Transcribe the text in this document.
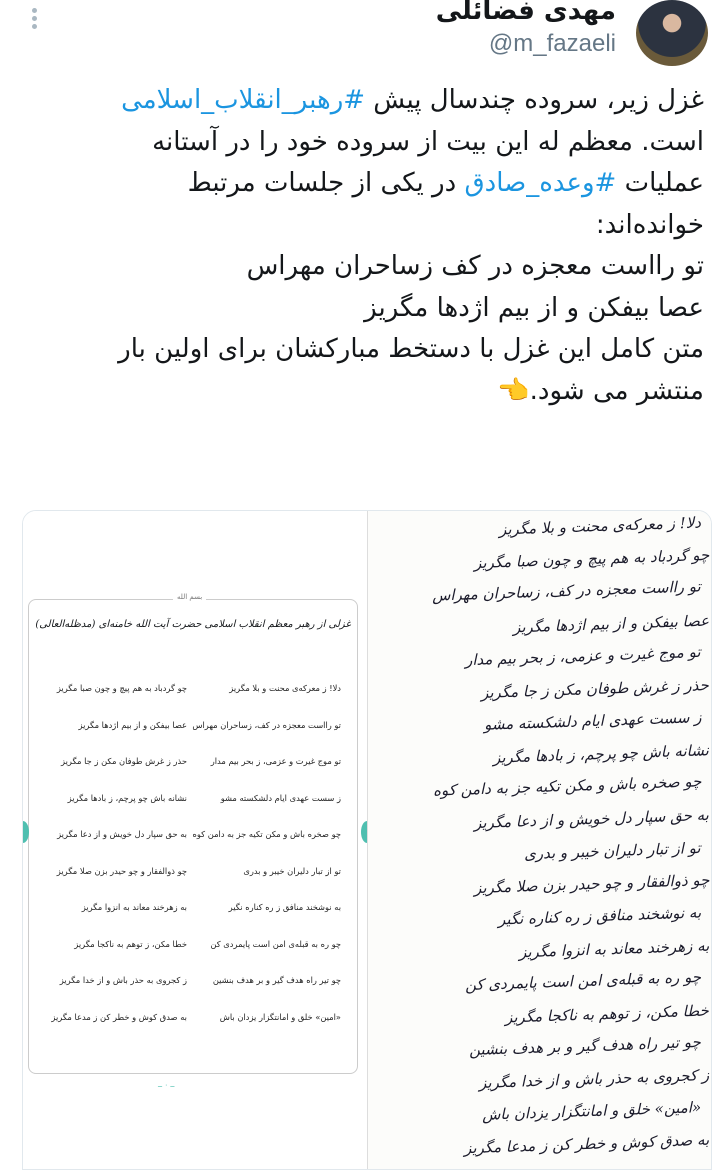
مهدی فضائلی
@m_fazaeli
غزل زیر، سروده چندسال پیش #رهبر_انقلاب_اسلامی
است. معظم له این بیت از سروده خود را در آستانه
عملیات #وعده_صادق در یکی از جلسات مرتبط
خوانده‌اند:
تو رااست معجزه در کف زساحران مهراس
عصا بیفکن و از بیم اژدها مگریز
متن کامل این غزل با دستخط مبارکشان برای اولین بار
منتشر می شود.👈
بسم الله
غزلی از رهبر معظم انقلاب اسلامی حضرت آیت الله خامنه‌ای (مدظله‌العالی)
دلا! ز معرکه‌ی محنت و بلا مگریز
چو گردباد به هم پیچ و چون صبا مگریز
تو رااست معجزه در کف، زساحران مهراس
عصا بیفکن و از بیم اژدها مگریز
تو موج غیرت و عزمی، ز بحر بیم مدار
حذر ز غرش طوفان مکن ز جا مگریز
ز سست عهدی ایام دلشکسته مشو
نشانه باش چو پرچم، ز بادها مگریز
چو صخره باش و مکن تکیه جز به دامن کوه
به حق سپار دل خویش و از دعا مگریز
تو از تبار دلیران خیبر و بدری
چو ذوالفقار و چو حیدر بزن صلا مگریز
به نوشخند منافق ز ره کناره نگیر
به زهرخند معاند به انزوا مگریز
چو ره به قبله‌ی امن است پایمردی کن
خطا مکن، ز توهم به ناکجا مگریز
چو تیر راه هدف گیر و بر هدف بنشین
ز کجروی به حذر باش و از خدا مگریز
«امین» خلق و امانتگزار یزدان باش
به صدق کوش و خطر کن ز مدعا مگریز
ــ ۰ ــ
دلا! ز معرکه‌ی محنت و بلا مگریز
چو گردباد به هم پیچ و چون صبا مگریز
تو رااست معجزه در کف، زساحران مهراس
عصا بیفکن و از بیم اژدها مگریز
تو موج غیرت و عزمی، ز بحر بیم مدار
حذر ز غرش طوفان مکن ز جا مگریز
ز سست عهدی ایام دلشکسته مشو
نشانه باش چو پرچم، ز بادها مگریز
چو صخره باش و مکن تکیه جز به دامن کوه
به حق سپار دل خویش و از دعا مگریز
تو از تبار دلیران خیبر و بدری
چو ذوالفقار و چو حیدر بزن صلا مگریز
به نوشخند منافق ز ره کناره نگیر
به زهرخند معاند به انزوا مگریز
چو ره به قبله‌ی امن است پایمردی کن
خطا مکن، ز توهم به ناکجا مگریز
چو تیر راه هدف گیر و بر هدف بنشین
ز کجروی به حذر باش و از خدا مگریز
«امین» خلق و امانتگزار یزدان باش
به صدق کوش و خطر کن ز مدعا مگریز
